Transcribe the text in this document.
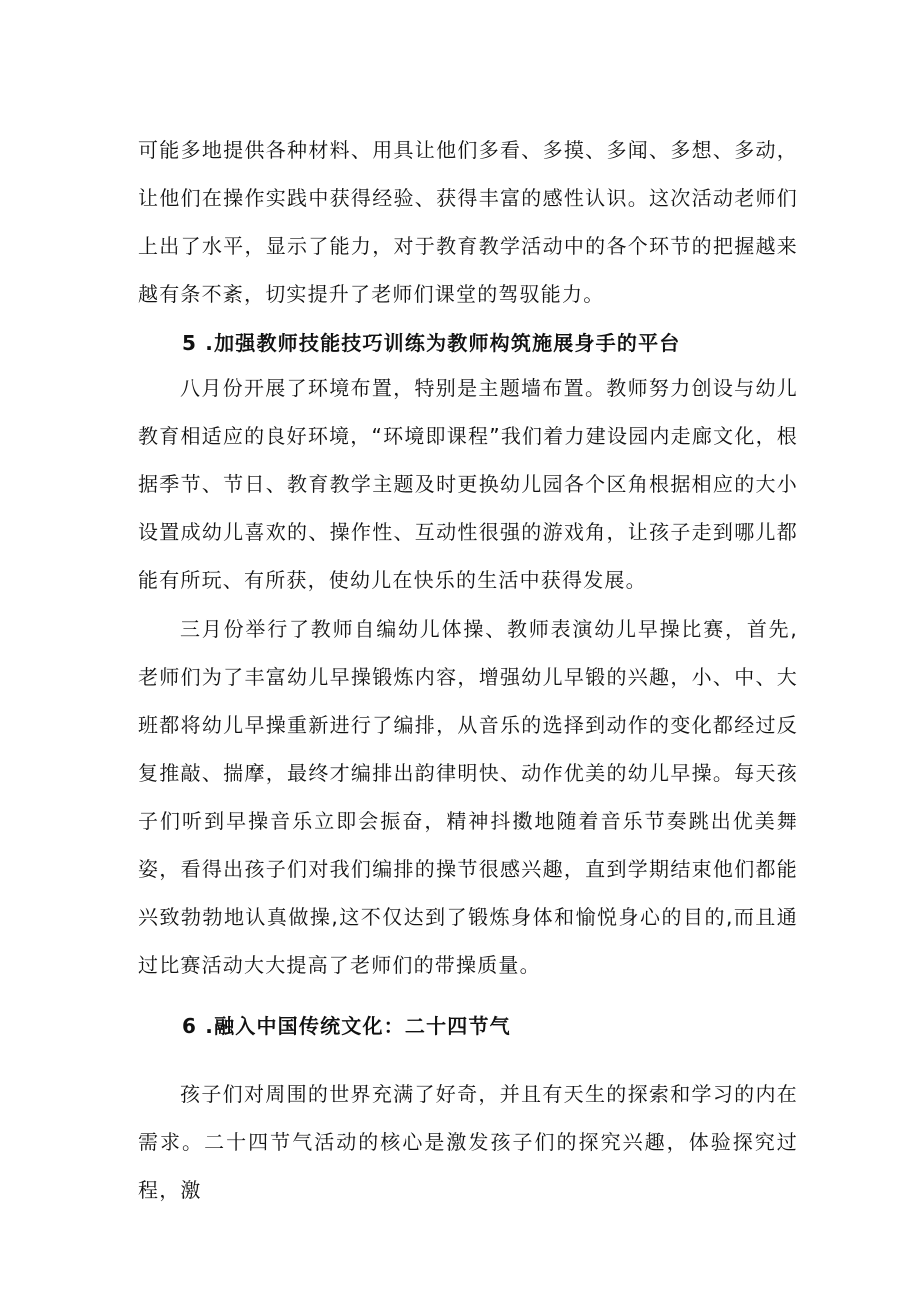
可能多地提供各种材料、用具让他们多看、多摸、多闻、多想、多动，让他们在操作实践中获得经验、获得丰富的感性认识。这次活动老师们上出了水平，显示了能力，对于教育教学活动中的各个环节的把握越来越有条不紊，切实提升了老师们课堂的驾驭能力。

5 .加强教师技能技巧训练为教师构筑施展身手的平台

八月份开展了环境布置，特别是主题墙布置。教师努力创设与幼儿教育相适应的良好环境，“环境即课程”我们着力建设园内走廊文化，根据季节、节日、教育教学主题及时更换幼儿园各个区角根据相应的大小设置成幼儿喜欢的、操作性、互动性很强的游戏角，让孩子走到哪儿都能有所玩、有所获，使幼儿在快乐的生活中获得发展。

三月份举行了教师自编幼儿体操、教师表演幼儿早操比赛，首先,老师们为了丰富幼儿早操锻炼内容，增强幼儿早锻的兴趣，小、中、大班都将幼儿早操重新进行了编排，从音乐的选择到动作的变化都经过反复推敲、揣摩，最终才编排出韵律明快、动作优美的幼儿早操。每天孩子们听到早操音乐立即会振奋，精神抖擞地随着音乐节奏跳出优美舞姿，看得出孩子们对我们编排的操节很感兴趣，直到学期结束他们都能兴致勃勃地认真做操,这不仅达到了锻炼身体和愉悦身心的目的,而且通过比赛活动大大提高了老师们的带操质量。

6 .融入中国传统文化：二十四节气

孩子们对周围的世界充满了好奇，并且有天生的探索和学习的内在需求。二十四节气活动的核心是激发孩子们的探究兴趣，体验探究过程，激
